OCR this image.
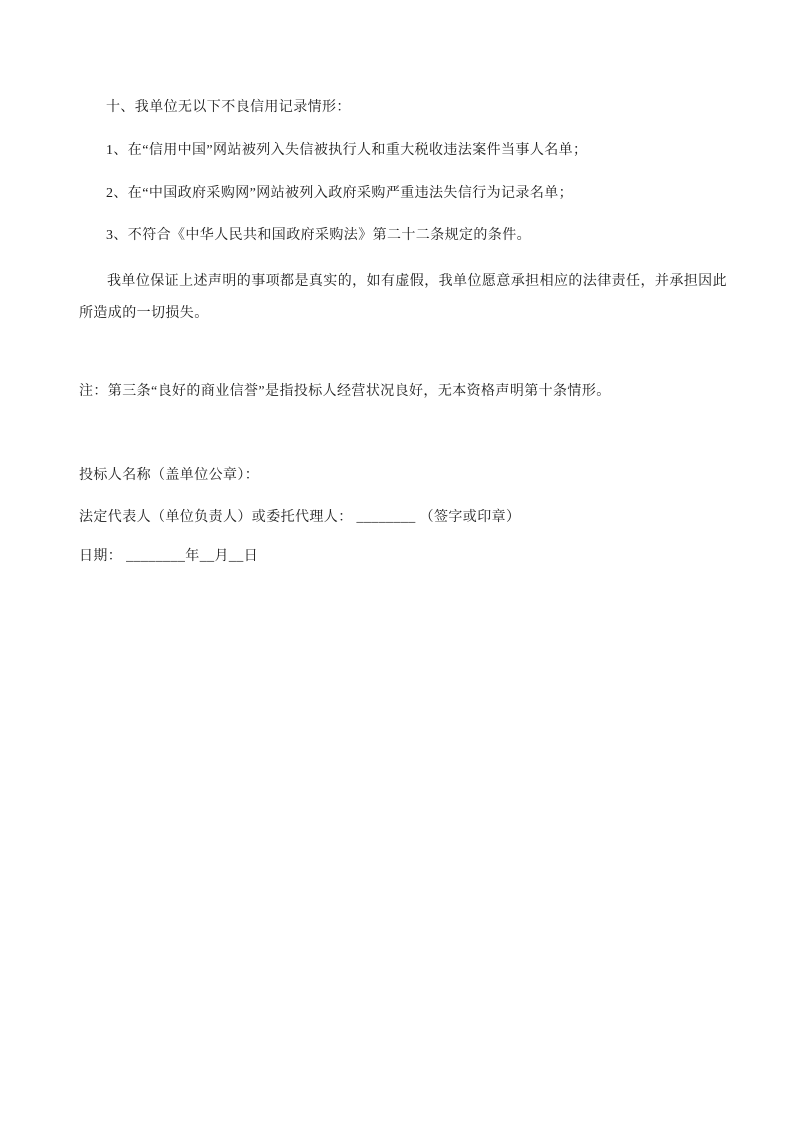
十、我单位无以下不良信用记录情形：
1、在“信用中国”网站被列入失信被执行人和重大税收违法案件当事人名单；
2、在“中国政府采购网”网站被列入政府采购严重违法失信行为记录名单；
3、不符合《中华人民共和国政府采购法》第二十二条规定的条件。

我单位保证上述声明的事项都是真实的，如有虚假，我单位愿意承担相应的法律责任，并承担因此所造成的一切损失。

注：第三条“良好的商业信誉”是指投标人经营状况良好，无本资格声明第十条情形。
投标人名称（盖单位公章）：
法定代表人（单位负责人）或委托代理人： ________ （签字或印章）
日期： ________年__月__日
